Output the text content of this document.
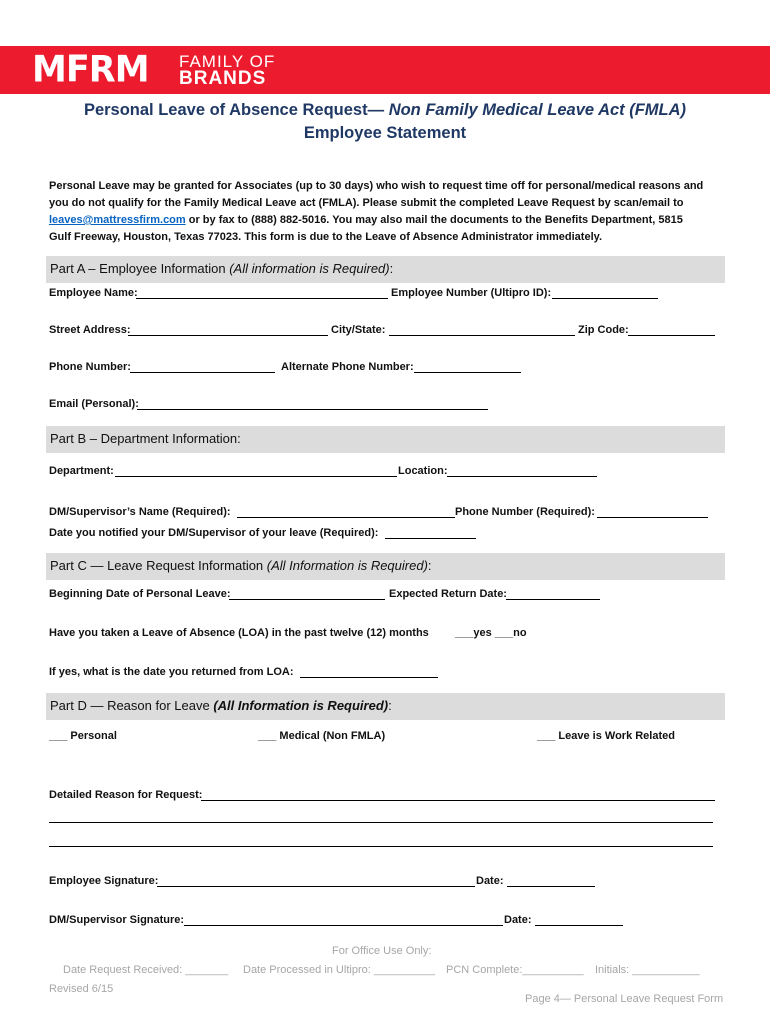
MFRM FAMILY OF
BRANDS
Personal Leave of Absence Request— Non Family Medical Leave Act (FMLA)
Employee Statement

Personal Leave may be granted for Associates (up to 30 days) who wish to request time off for personal/medical reasons and

you do not qualify for the Family Medical Leave act (FMLA). Please submit the completed Leave Request by scan/email to

leaves@mattressfirm.com or by fax to (888) 882-5016. You may also mail the documents to the Benefits Department, 5815

Gulf Freeway, Houston, Texas 77023. This form is due to the Leave of Absence Administrator immediately.

Part A – Employee Information (All information is Required):
Employee Name:	Employee Number (Ultipro ID):
Street Address:	City/State:	Zip Code:
Phone Number:	Alternate Phone Number:
Email (Personal):
Part B – Department Information:
Department:	Location:
DM/Supervisor’s Name (Required):	Phone Number (Required):
Date you notified your DM/Supervisor of your leave (Required):
Part C — Leave Request Information (All Information is Required):
Beginning Date of Personal Leave:	Expected Return Date:
Have you taken a Leave of Absence (LOA) in the past twelve (12) months ___yes ___no
If yes, what is the date you returned from LOA:
Part D — Reason for Leave (All Information is Required):
___ Personal	___ Medical (Non FMLA)	___ Leave is Work Related
Detailed Reason for Request:
Employee Signature:	Date:
DM/Supervisor Signature:	Date:
For Office Use Only:
Date Request Received: _______ Date Processed in Ultipro: __________ PCN Complete:__________ Initials: ___________
Revised 6/15
Page 4— Personal Leave Request Form
